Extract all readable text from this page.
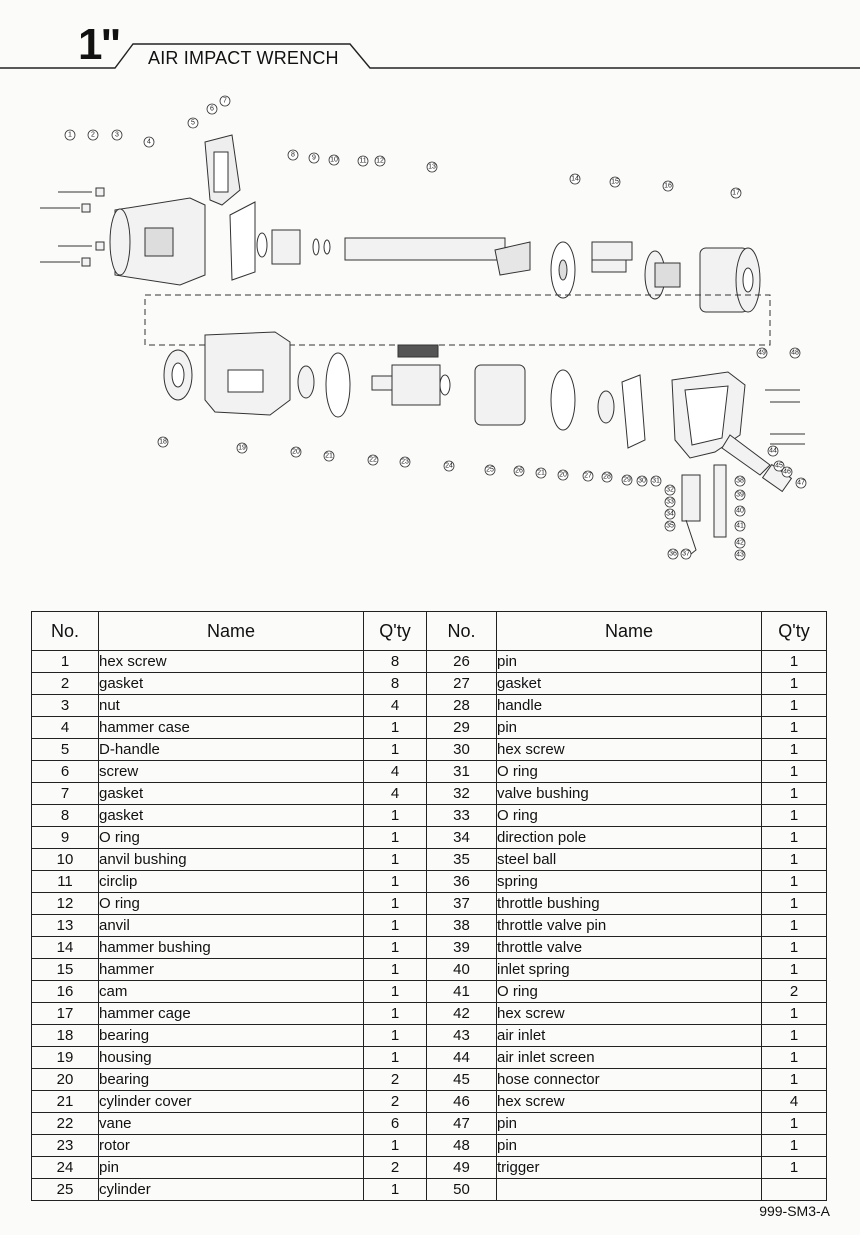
1" AIR IMPACT WRENCH
1	2	3
4
5
6
7
8 9 10	11 12
13
14	15
16
17
18
19
20
21
22	23
24
25	26 21 20 27 28 29 30 31
32
33
34
35
36 37
38
39
40
41
42
43
44
45
46
47
48
49
No.	Name	Q'ty	No.	Name	Q'ty
1	hex screw	8	26	pin	1
2	gasket	8	27	gasket	1
3	nut	4	28	handle	1
4	hammer case	1	29	pin	1
5	D-handle	1	30	hex screw	1
6	screw	4	31	O ring	1
7	gasket	4	32	valve bushing	1
8	gasket	1	33	O ring	1
9	O ring	1	34	direction pole	1
10	anvil bushing	1	35	steel ball	1
11	circlip	1	36	spring	1
12	O ring	1	37	throttle bushing	1
13	anvil	1	38	throttle valve pin	1
14	hammer bushing	1	39	throttle valve	1
15	hammer	1	40	inlet spring	1
16	cam	1	41	O ring	2
17	hammer cage	1	42	hex screw	1
18	bearing	1	43	air inlet	1
19	housing	1	44	air inlet screen	1
20	bearing	2	45	hose connector	1
21	cylinder cover	2	46	hex screw	4
22	vane	6	47	pin	1
23	rotor	1	48	pin	1
24	pin	2	49	trigger	1
25	cylinder	1	50		
999-SM3-A
